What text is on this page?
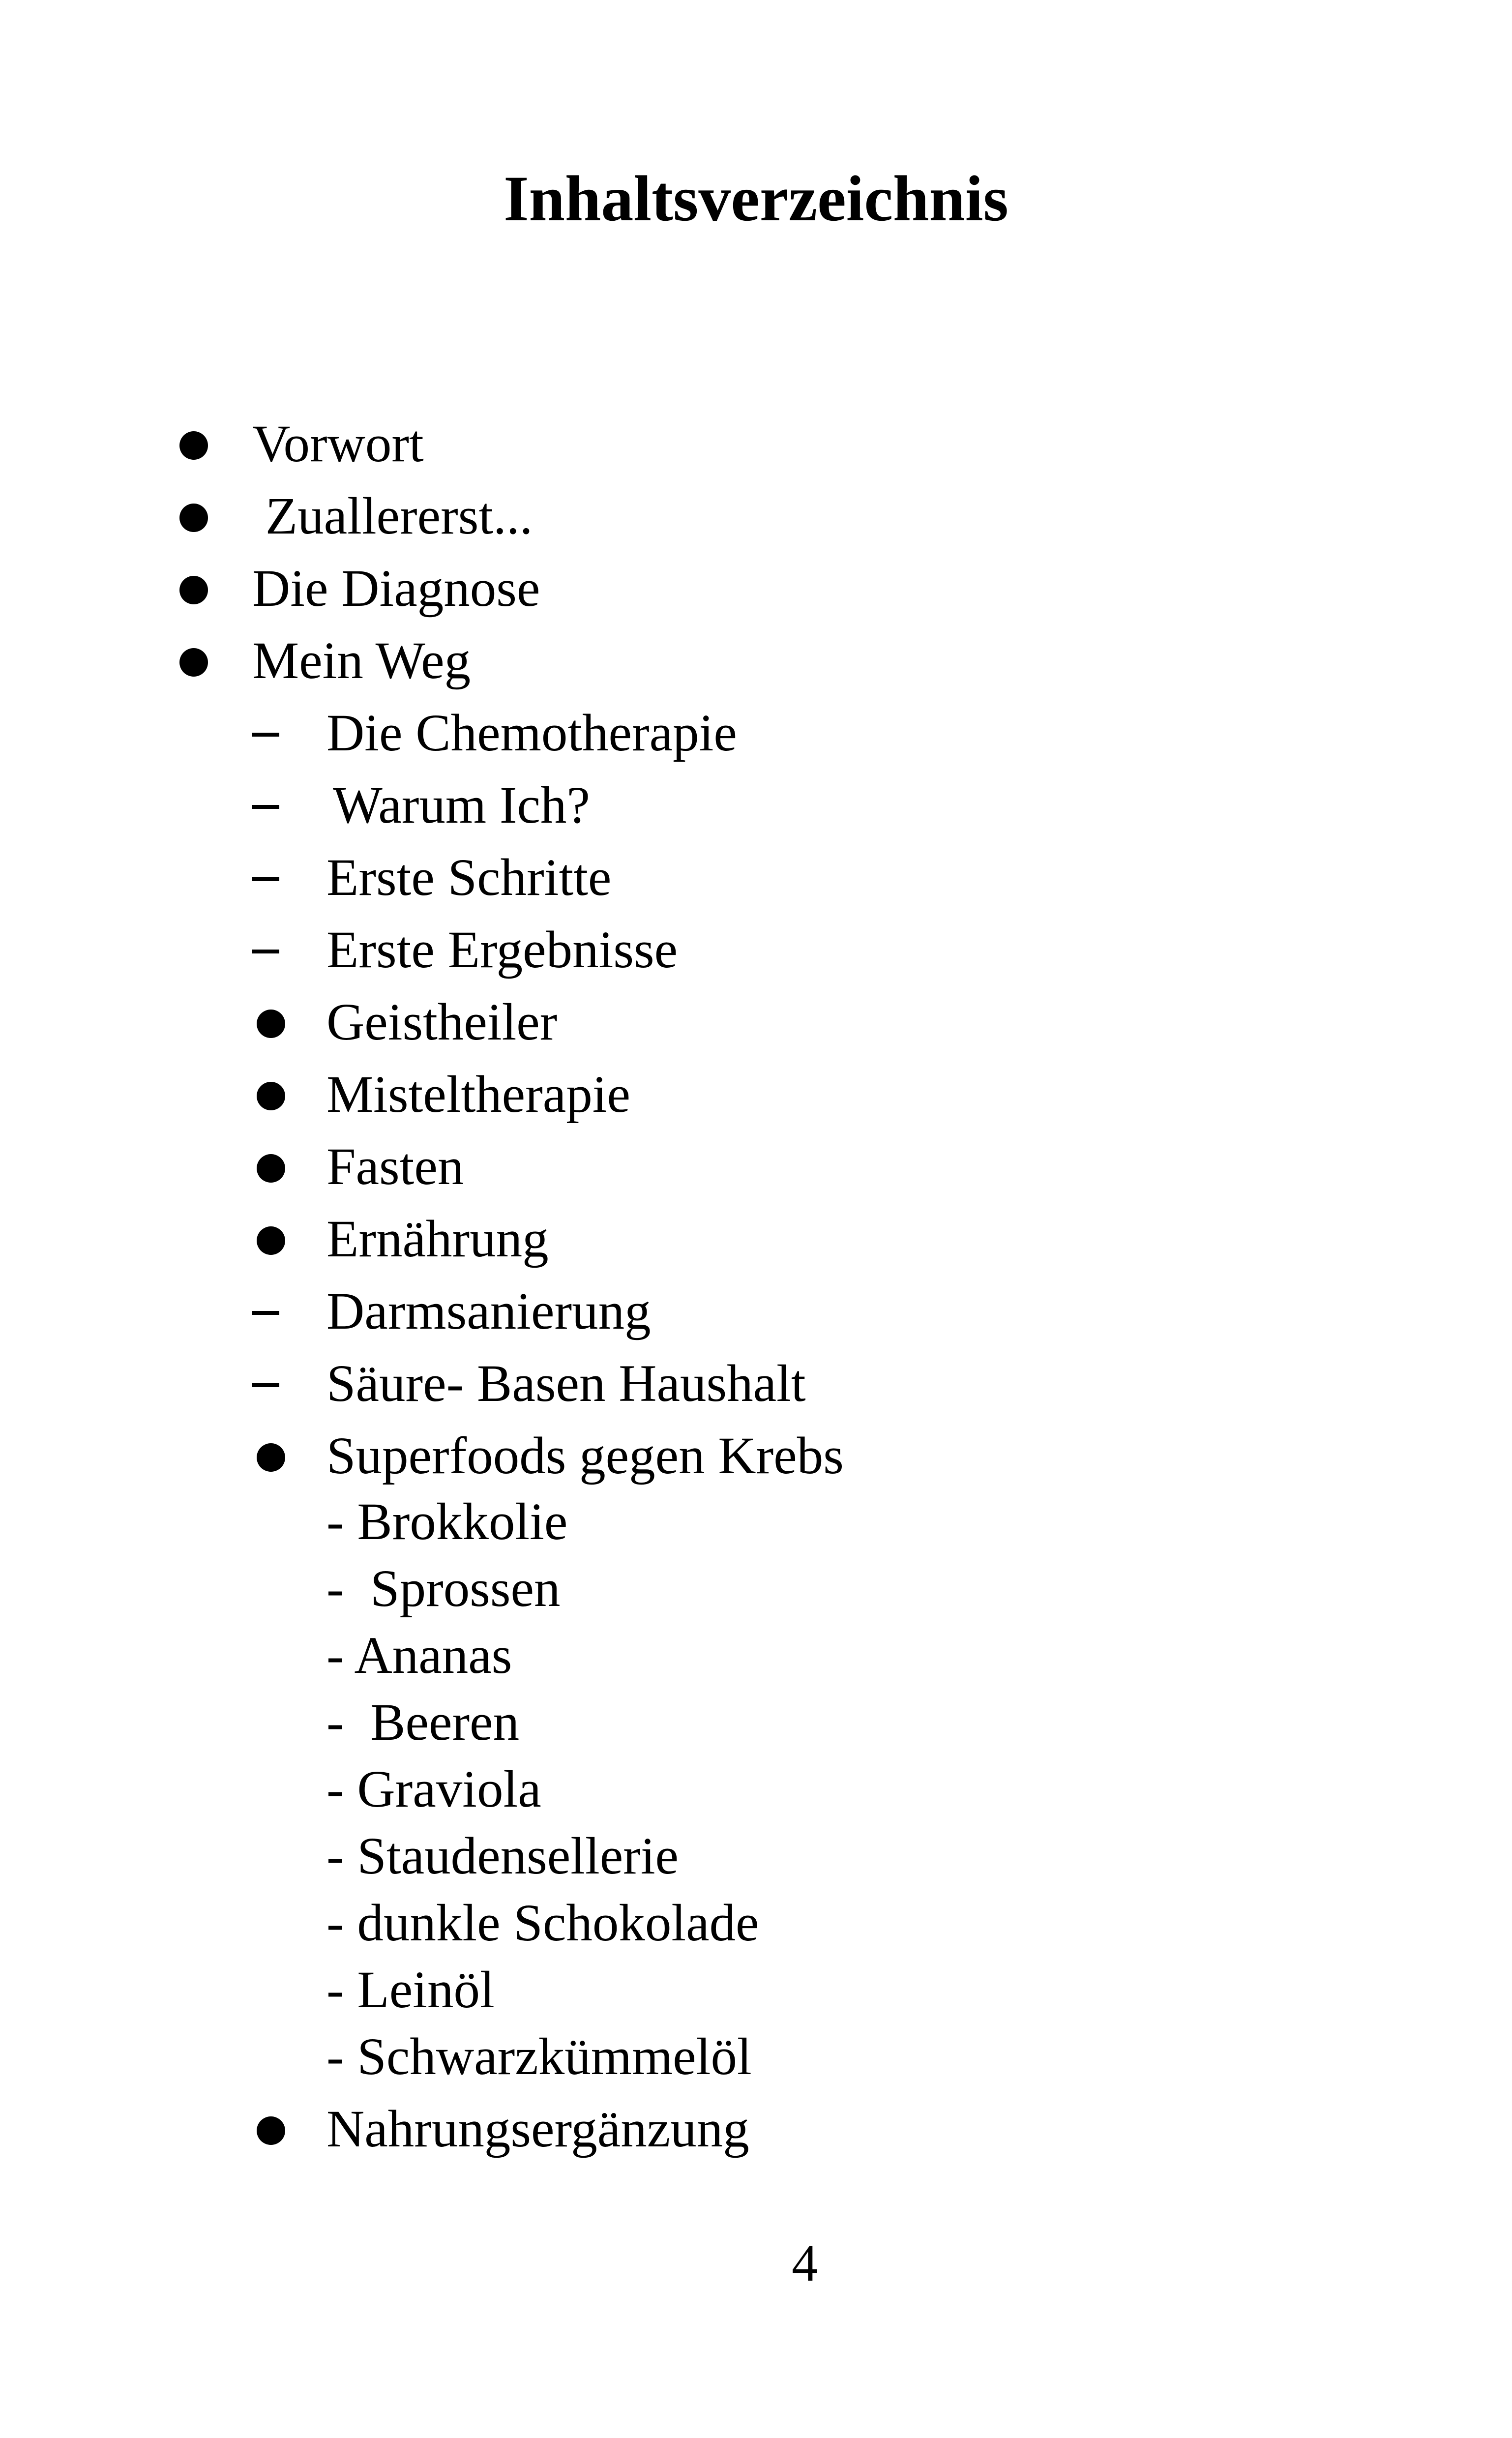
Inhaltsverzeichnis

Vorwort

Zuallererst...

Die Diagnose

Mein Weg

Die Chemotherapie

Warum Ich?

Erste Schritte

Erste Ergebnisse

Geistheiler

Misteltherapie

Fasten

Ernährung

Darmsanierung

Säure- Basen Haushalt

Superfoods gegen Krebs

- Brokkolie

-  Sprossen

- Ananas

-  Beeren

- Graviola

- Staudensellerie

- dunkle Schokolade

- Leinöl

- Schwarzkümmelöl

Nahrungsergänzung

4
